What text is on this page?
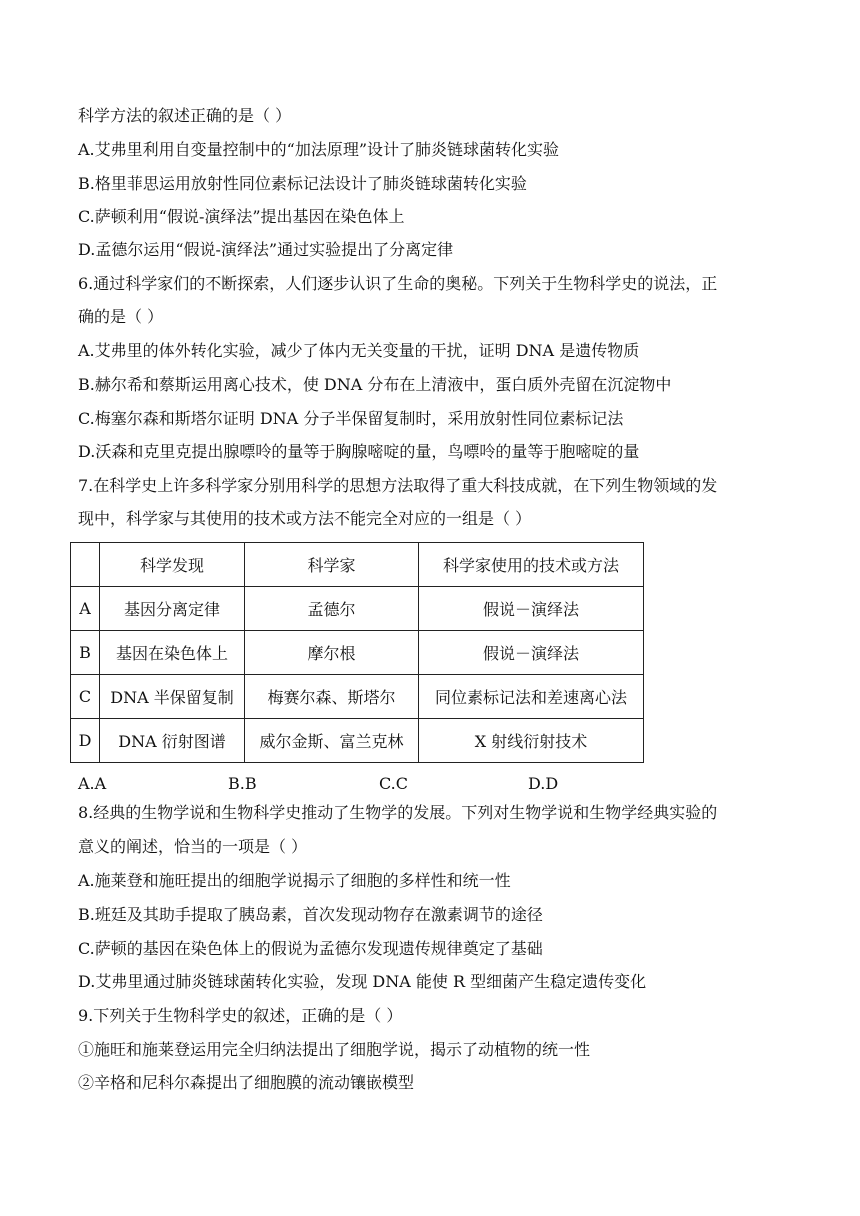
科学方法的叙述正确的是（ ）
A.艾弗里利用自变量控制中的“加法原理”设计了肺炎链球菌转化实验
B.格里菲思运用放射性同位素标记法设计了肺炎链球菌转化实验
C.萨顿利用“假说-演绎法”提出基因在染色体上
D.孟德尔运用“假说-演绎法”通过实验提出了分离定律
6.通过科学家们的不断探索，人们逐步认识了生命的奥秘。下列关于生物科学史的说法，正
确的是（ ）
A.艾弗里的体外转化实验，减少了体内无关变量的干扰，证明 DNA 是遗传物质
B.赫尔希和蔡斯运用离心技术，使 DNA 分布在上清液中，蛋白质外壳留在沉淀物中
C.梅塞尔森和斯塔尔证明 DNA 分子半保留复制时，采用放射性同位素标记法
D.沃森和克里克提出腺嘌呤的量等于胸腺嘧啶的量，鸟嘌呤的量等于胞嘧啶的量
7.在科学史上许多科学家分别用科学的思想方法取得了重大科技成就，在下列生物领域的发
现中，科学家与其使用的技术或方法不能完全对应的一组是（ ）
	科学发现	科学家	科学家使用的技术或方法
A	基因分离定律	孟德尔	假说－演绎法
B	基因在染色体上	摩尔根	假说－演绎法
C	DNA 半保留复制	梅赛尔森、斯塔尔	同位素标记法和差速离心法
D	DNA 衍射图谱	威尔金斯、富兰克林	X 射线衍射技术
A.A	B.B	C.C	D.D
8.经典的生物学说和生物科学史推动了生物学的发展。下列对生物学说和生物学经典实验的
意义的阐述，恰当的一项是（ ）
A.施莱登和施旺提出的细胞学说揭示了细胞的多样性和统一性
B.班廷及其助手提取了胰岛素，首次发现动物存在激素调节的途径
C.萨顿的基因在染色体上的假说为孟德尔发现遗传规律奠定了基础
D.艾弗里通过肺炎链球菌转化实验，发现 DNA 能使 R 型细菌产生稳定遗传变化
9.下列关于生物科学史的叙述，正确的是（ ）
①施旺和施莱登运用完全归纳法提出了细胞学说，揭示了动植物的统一性
②辛格和尼科尔森提出了细胞膜的流动镶嵌模型
